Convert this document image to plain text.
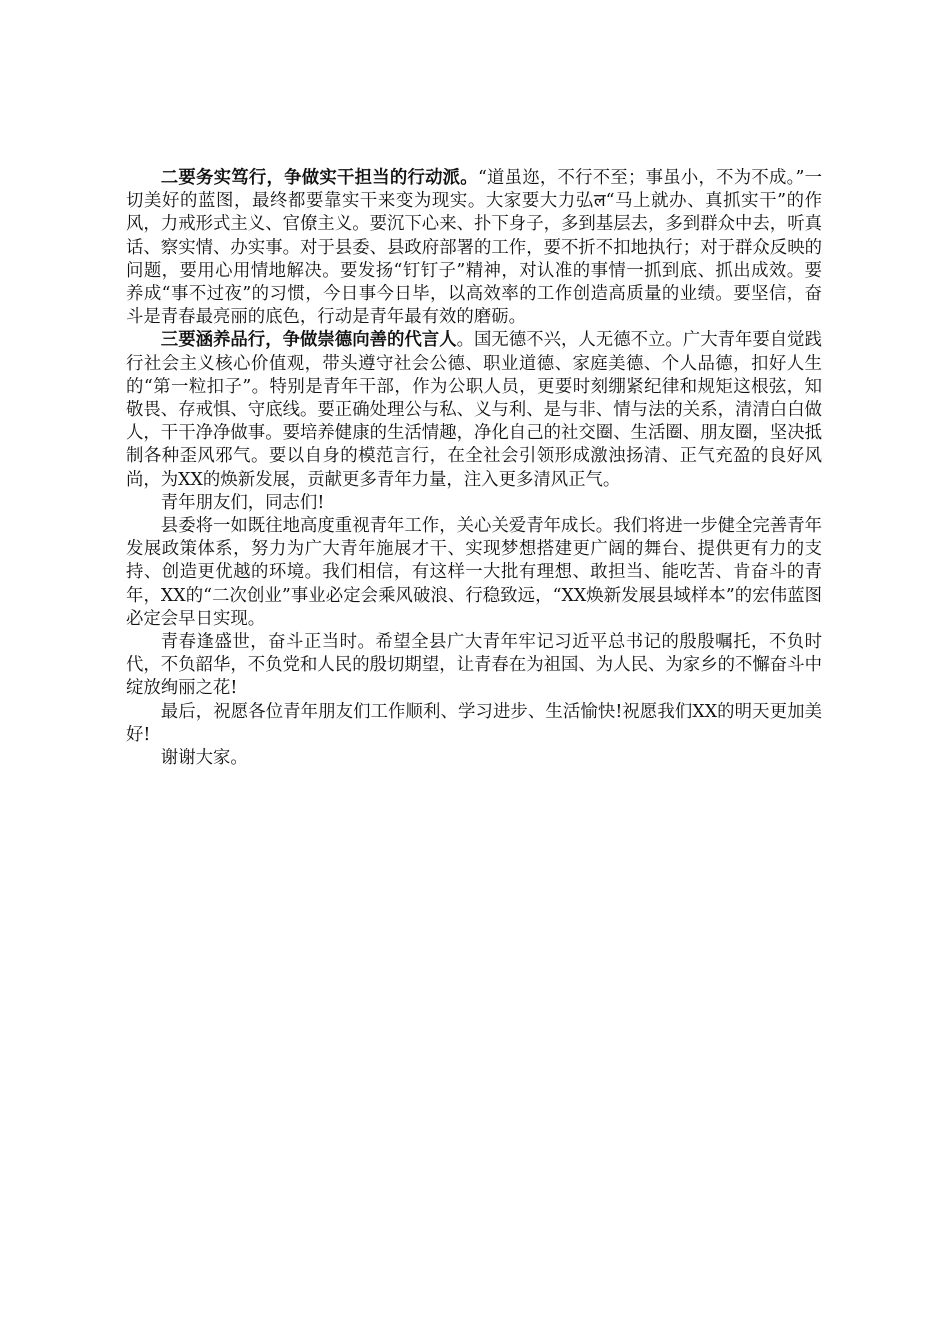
二要务实笃行，争做实干担当的行动派。“道虽迩，不行不至；事虽小，不为不成。”一切美好的蓝图，最终都要靠实干来变为现实。大家要大力弘ल“马上就办、真抓实干”的作风，力戒形式主义、官僚主义。要沉下心来、扑下身子，多到基层去，多到群众中去，听真话、察实情、办实事。对于县委、县政府部署的工作，要不折不扣地执行；对于群众反映的问题，要用心用情地解决。要发扬“钉钉子”精神，对认准的事情一抓到底、抓出成效。要养成“事不过夜”的习惯，今日事今日毕，以高效率的工作创造高质量的业绩。要坚信，奋斗是青春最亮丽的底色，行动是青年最有效的磨砺。

三要涵养品行，争做崇德向善的代言人。国无德不兴，人无德不立。广大青年要自觉践行社会主义核心价值观，带头遵守社会公德、职业道德、家庭美德、个人品德，扣好人生的“第一粒扣子”。特别是青年干部，作为公职人员，更要时刻绷紧纪律和规矩这根弦，知敬畏、存戒惧、守底线。要正确处理公与私、义与利、是与非、情与法的关系，清清白白做人，干干净净做事。要培养健康的生活情趣，净化自己的社交圈、生活圈、朋友圈，坚决抵制各种歪风邪气。要以自身的模范言行，在全社会引领形成激浊扬清、正气充盈的良好风尚，为XX的焕新发展，贡献更多青年力量，注入更多清风正气。

青年朋友们，同志们!

县委将一如既往地高度重视青年工作，关心关爱青年成长。我们将进一步健全完善青年发展政策体系，努力为广大青年施展才干、实现梦想搭建更广阔的舞台、提供更有力的支持、创造更优越的环境。我们相信，有这样一大批有理想、敢担当、能吃苦、肯奋斗的青年，XX的“二次创业”事业必定会乘风破浪、行稳致远，“XX焕新发展县域样本”的宏伟蓝图必定会早日实现。

青春逢盛世，奋斗正当时。希望全县广大青年牢记习近平总书记的殷殷嘱托，不负时代，不负韶华，不负党和人民的殷切期望，让青春在为祖国、为人民、为家乡的不懈奋斗中绽放绚丽之花!

最后，祝愿各位青年朋友们工作顺利、学习进步、生活愉快!祝愿我们XX的明天更加美好!

谢谢大家。
